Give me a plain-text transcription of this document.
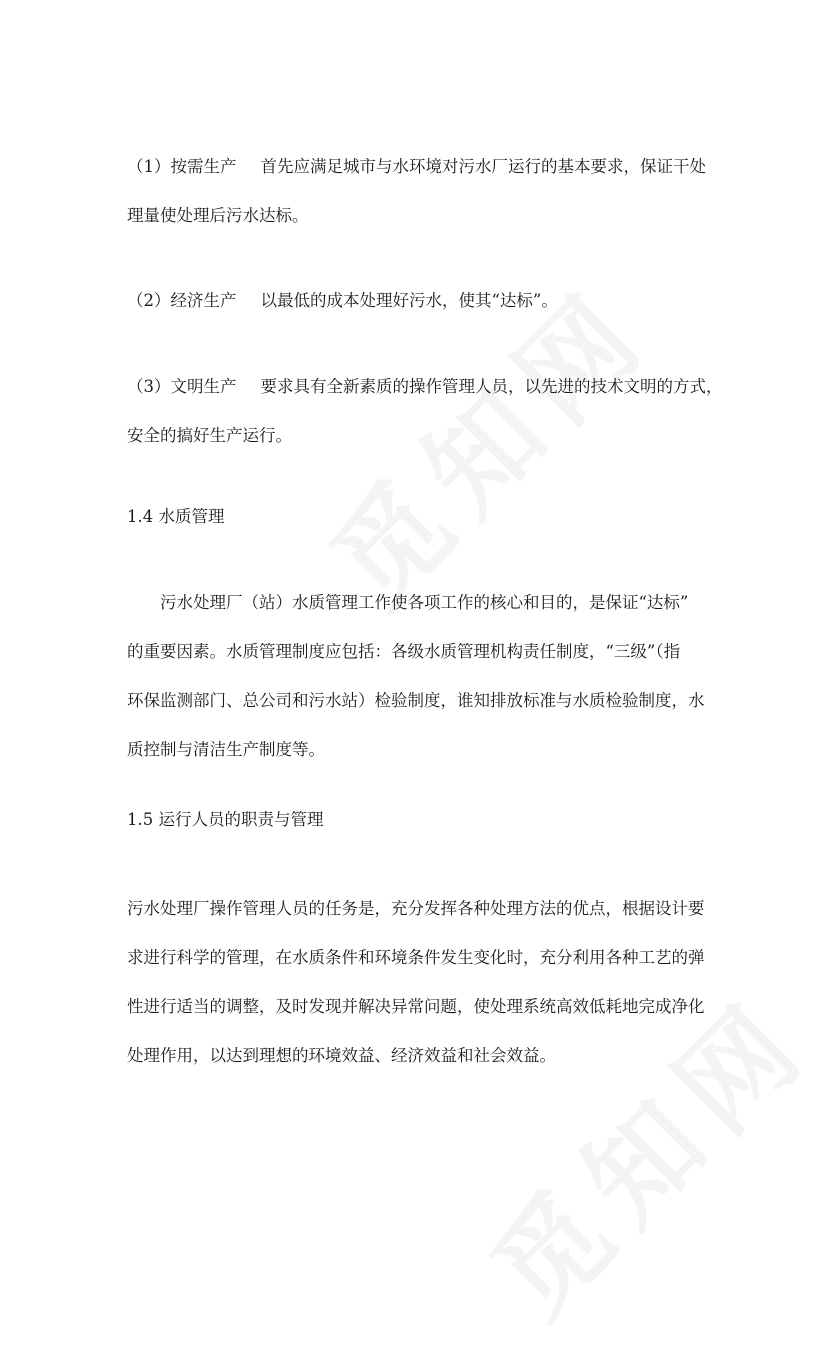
（1）按需生产 首先应满足城市与水环境对污水厂运行的基本要求，保证干处
理量使处理后污水达标。

（2）经济生产 以最低的成本处理好污水，使其“达标”。

（3）文明生产 要求具有全新素质的操作管理人员，以先进的技术文明的方式，
安全的搞好生产运行。

1.4 水质管理

污水处理厂（站）水质管理工作使各项工作的核心和目的，是保证“达标”
的重要因素。水质管理制度应包括：各级水质管理机构责任制度，“三级”（指
环保监测部门、总公司和污水站）检验制度，谁知排放标准与水质检验制度，水
质控制与清洁生产制度等。

1.5 运行人员的职责与管理

污水处理厂操作管理人员的任务是，充分发挥各种处理方法的优点，根据设计要
求进行科学的管理，在水质条件和环境条件发生变化时，充分利用各种工艺的弹
性进行适当的调整，及时发现并解决异常问题，使处理系统高效低耗地完成净化
处理作用，以达到理想的环境效益、经济效益和社会效益。
